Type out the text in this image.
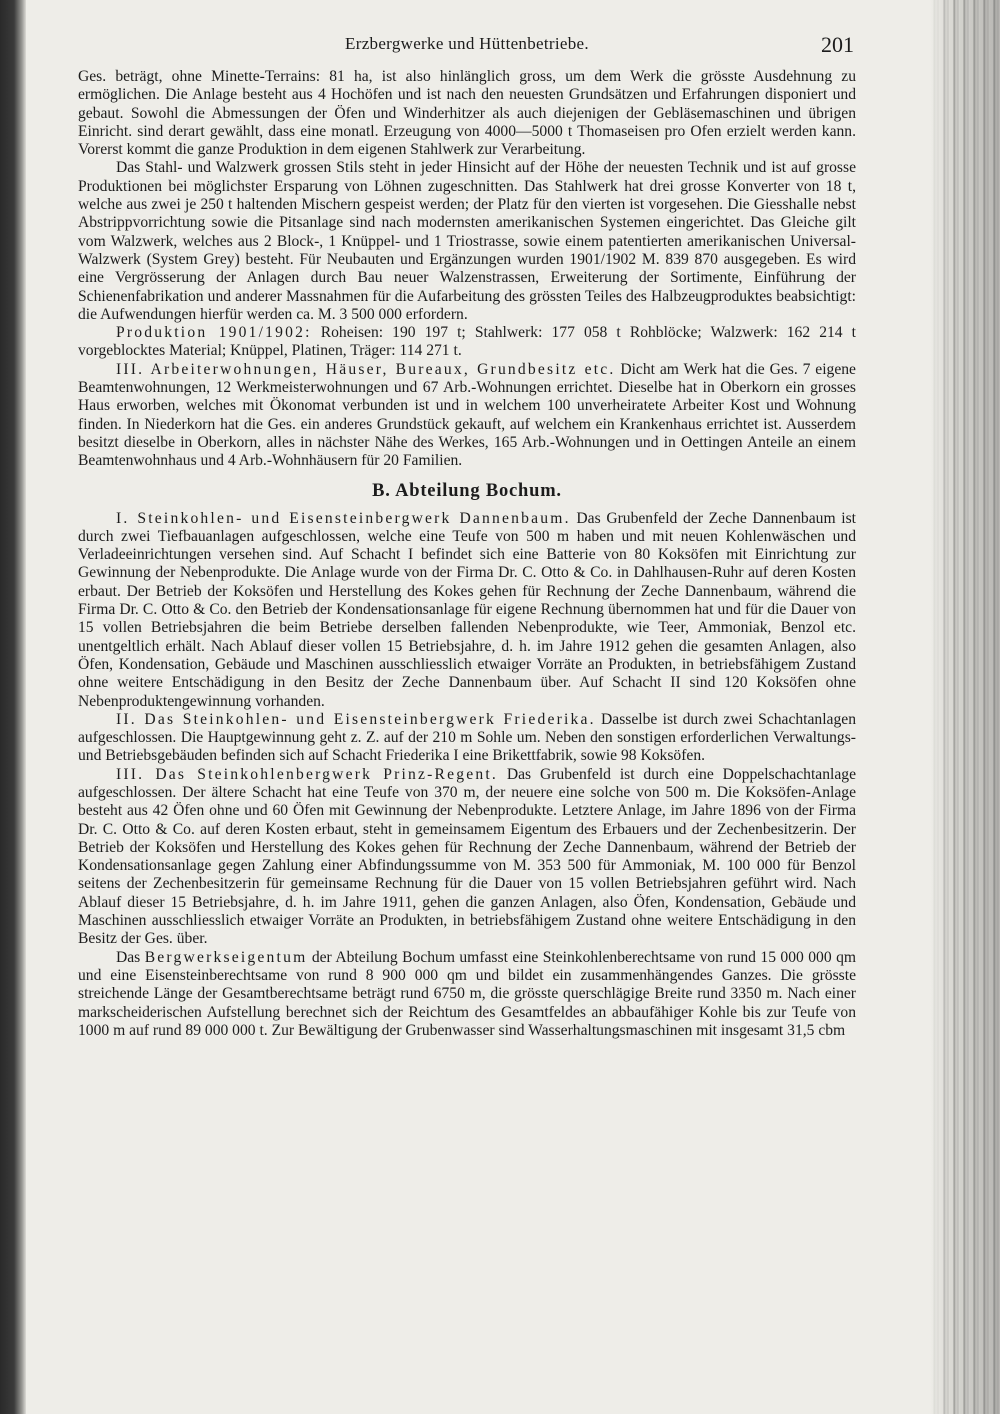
Erzbergwerke und Hüttenbetriebe.	201

Ges. beträgt, ohne Minette-Terrains: 81 ha, ist also hinlänglich gross, um dem Werk die grösste Ausdehnung zu ermöglichen. Die Anlage besteht aus 4 Hochöfen und ist nach den neuesten Grundsätzen und Erfahrungen disponiert und gebaut. Sowohl die Abmessungen der Öfen und Winderhitzer als auch diejenigen der Gebläsemaschinen und übrigen Einricht. sind derart gewählt, dass eine monatl. Erzeugung von 4000—5000 t Thomaseisen pro Ofen erzielt werden kann. Vorerst kommt die ganze Produktion in dem eigenen Stahlwerk zur Verarbeitung.

Das Stahl- und Walzwerk grossen Stils steht in jeder Hinsicht auf der Höhe der neuesten Technik und ist auf grosse Produktionen bei möglichster Ersparung von Löhnen zugeschnitten. Das Stahlwerk hat drei grosse Konverter von 18 t, welche aus zwei je 250 t haltenden Mischern gespeist werden; der Platz für den vierten ist vorgesehen. Die Giesshalle nebst Abstrippvorrichtung sowie die Pitsanlage sind nach modernsten amerikanischen Systemen eingerichtet. Das Gleiche gilt vom Walzwerk, welches aus 2 Block-, 1 Knüppel- und 1 Triostrasse, sowie einem patentierten amerikanischen Universal-Walzwerk (System Grey) besteht. Für Neubauten und Ergänzungen wurden 1901/1902 M. 839 870 ausgegeben. Es wird eine Vergrösserung der Anlagen durch Bau neuer Walzenstrassen, Erweiterung der Sortimente, Einführung der Schienenfabrikation und anderer Massnahmen für die Aufarbeitung des grössten Teiles des Halbzeugproduktes beabsichtigt: die Aufwendungen hierfür werden ca. M. 3 500 000 erfordern.

Produktion 1901/1902: Roheisen: 190 197 t; Stahlwerk: 177 058 t Rohblöcke; Walzwerk: 162 214 t vorgeblocktes Material; Knüppel, Platinen, Träger: 114 271 t.

III. Arbeiterwohnungen, Häuser, Bureaux, Grundbesitz etc. Dicht am Werk hat die Ges. 7 eigene Beamtenwohnungen, 12 Werkmeisterwohnungen und 67 Arb.-Wohnungen errichtet. Dieselbe hat in Oberkorn ein grosses Haus erworben, welches mit Ökonomat verbunden ist und in welchem 100 unverheiratete Arbeiter Kost und Wohnung finden. In Niederkorn hat die Ges. ein anderes Grundstück gekauft, auf welchem ein Krankenhaus errichtet ist. Ausserdem besitzt dieselbe in Oberkorn, alles in nächster Nähe des Werkes, 165 Arb.-Wohnungen und in Oettingen Anteile an einem Beamtenwohnhaus und 4 Arb.-Wohnhäusern für 20 Familien.

B. Abteilung Bochum.

I. Steinkohlen- und Eisensteinbergwerk Dannenbaum. Das Grubenfeld der Zeche Dannenbaum ist durch zwei Tiefbauanlagen aufgeschlossen, welche eine Teufe von 500 m haben und mit neuen Kohlenwäschen und Verladeeinrichtungen versehen sind. Auf Schacht I befindet sich eine Batterie von 80 Koksöfen mit Einrichtung zur Gewinnung der Nebenprodukte. Die Anlage wurde von der Firma Dr. C. Otto & Co. in Dahlhausen-Ruhr auf deren Kosten erbaut. Der Betrieb der Koksöfen und Herstellung des Kokes gehen für Rechnung der Zeche Dannenbaum, während die Firma Dr. C. Otto & Co. den Betrieb der Kondensationsanlage für eigene Rechnung übernommen hat und für die Dauer von 15 vollen Betriebsjahren die beim Betriebe derselben fallenden Nebenprodukte, wie Teer, Ammoniak, Benzol etc. unentgeltlich erhält. Nach Ablauf dieser vollen 15 Betriebsjahre, d. h. im Jahre 1912 gehen die gesamten Anlagen, also Öfen, Kondensation, Gebäude und Maschinen ausschliesslich etwaiger Vorräte an Produkten, in betriebsfähigem Zustand ohne weitere Entschädigung in den Besitz der Zeche Dannenbaum über. Auf Schacht II sind 120 Koksöfen ohne Nebenproduktengewinnung vorhanden.

II. Das Steinkohlen- und Eisensteinbergwerk Friederika. Dasselbe ist durch zwei Schachtanlagen aufgeschlossen. Die Hauptgewinnung geht z. Z. auf der 210 m Sohle um. Neben den sonstigen erforderlichen Verwaltungs- und Betriebsgebäuden befinden sich auf Schacht Friederika I eine Brikettfabrik, sowie 98 Koksöfen.

III. Das Steinkohlenbergwerk Prinz-Regent. Das Grubenfeld ist durch eine Doppelschachtanlage aufgeschlossen. Der ältere Schacht hat eine Teufe von 370 m, der neuere eine solche von 500 m. Die Koksöfen-Anlage besteht aus 42 Öfen ohne und 60 Öfen mit Gewinnung der Nebenprodukte. Letztere Anlage, im Jahre 1896 von der Firma Dr. C. Otto & Co. auf deren Kosten erbaut, steht in gemeinsamem Eigentum des Erbauers und der Zechenbesitzerin. Der Betrieb der Koksöfen und Herstellung des Kokes gehen für Rechnung der Zeche Dannenbaum, während der Betrieb der Kondensationsanlage gegen Zahlung einer Abfindungssumme von M. 353 500 für Ammoniak, M. 100 000 für Benzol seitens der Zechenbesitzerin für gemeinsame Rechnung für die Dauer von 15 vollen Betriebsjahren geführt wird. Nach Ablauf dieser 15 Betriebsjahre, d. h. im Jahre 1911, gehen die ganzen Anlagen, also Öfen, Kondensation, Gebäude und Maschinen ausschliesslich etwaiger Vorräte an Produkten, in betriebsfähigem Zustand ohne weitere Entschädigung in den Besitz der Ges. über.

Das Bergwerkseigentum der Abteilung Bochum umfasst eine Steinkohlenberechtsame von rund 15 000 000 qm und eine Eisensteinberechtsame von rund 8 900 000 qm und bildet ein zusammenhängendes Ganzes. Die grösste streichende Länge der Gesamtberechtsame beträgt rund 6750 m, die grösste querschlägige Breite rund 3350 m. Nach einer markscheiderischen Aufstellung berechnet sich der Reichtum des Gesamtfeldes an abbaufähiger Kohle bis zur Teufe von 1000 m auf rund 89 000 000 t. Zur Bewältigung der Grubenwasser sind Wasserhaltungsmaschinen mit insgesamt 31,5 cbm
